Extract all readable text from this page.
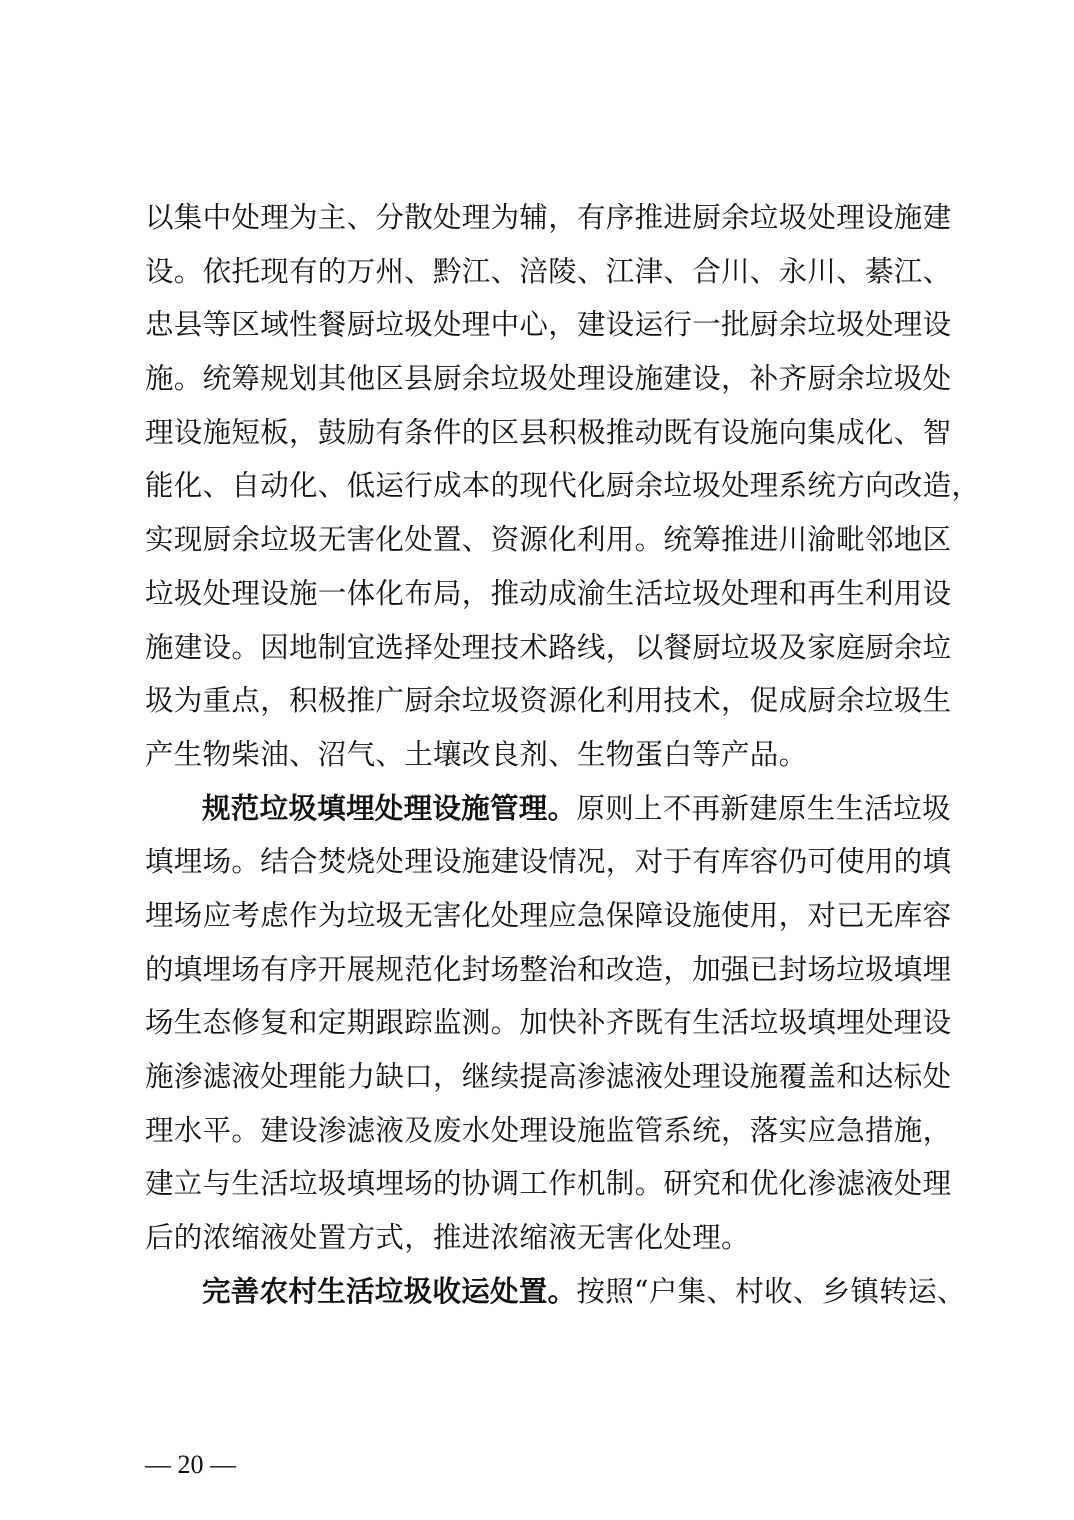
以集中处理为主、分散处理为辅，有序推进厨余垃圾处理设施建
设。依托现有的万州、黔江、涪陵、江津、合川、永川、綦江、
忠县等区域性餐厨垃圾处理中心，建设运行一批厨余垃圾处理设
施。统筹规划其他区县厨余垃圾处理设施建设，补齐厨余垃圾处
理设施短板，鼓励有条件的区县积极推动既有设施向集成化、智
能化、自动化、低运行成本的现代化厨余垃圾处理系统方向改造，
实现厨余垃圾无害化处置、资源化利用。统筹推进川渝毗邻地区
垃圾处理设施一体化布局，推动成渝生活垃圾处理和再生利用设
施建设。因地制宜选择处理技术路线，以餐厨垃圾及家庭厨余垃
圾为重点，积极推广厨余垃圾资源化利用技术，促成厨余垃圾生
产生物柴油、沼气、土壤改良剂、生物蛋白等产品。
规范垃圾填埋处理设施管理。原则上不再新建原生生活垃圾
填埋场。结合焚烧处理设施建设情况，对于有库容仍可使用的填
埋场应考虑作为垃圾无害化处理应急保障设施使用，对已无库容
的填埋场有序开展规范化封场整治和改造，加强已封场垃圾填埋
场生态修复和定期跟踪监测。加快补齐既有生活垃圾填埋处理设
施渗滤液处理能力缺口，继续提高渗滤液处理设施覆盖和达标处
理水平。建设渗滤液及废水处理设施监管系统，落实应急措施，
建立与生活垃圾填埋场的协调工作机制。研究和优化渗滤液处理
后的浓缩液处置方式，推进浓缩液无害化处理。
完善农村生活垃圾收运处置。按照“户集、村收、乡镇转运、
— 20 —
